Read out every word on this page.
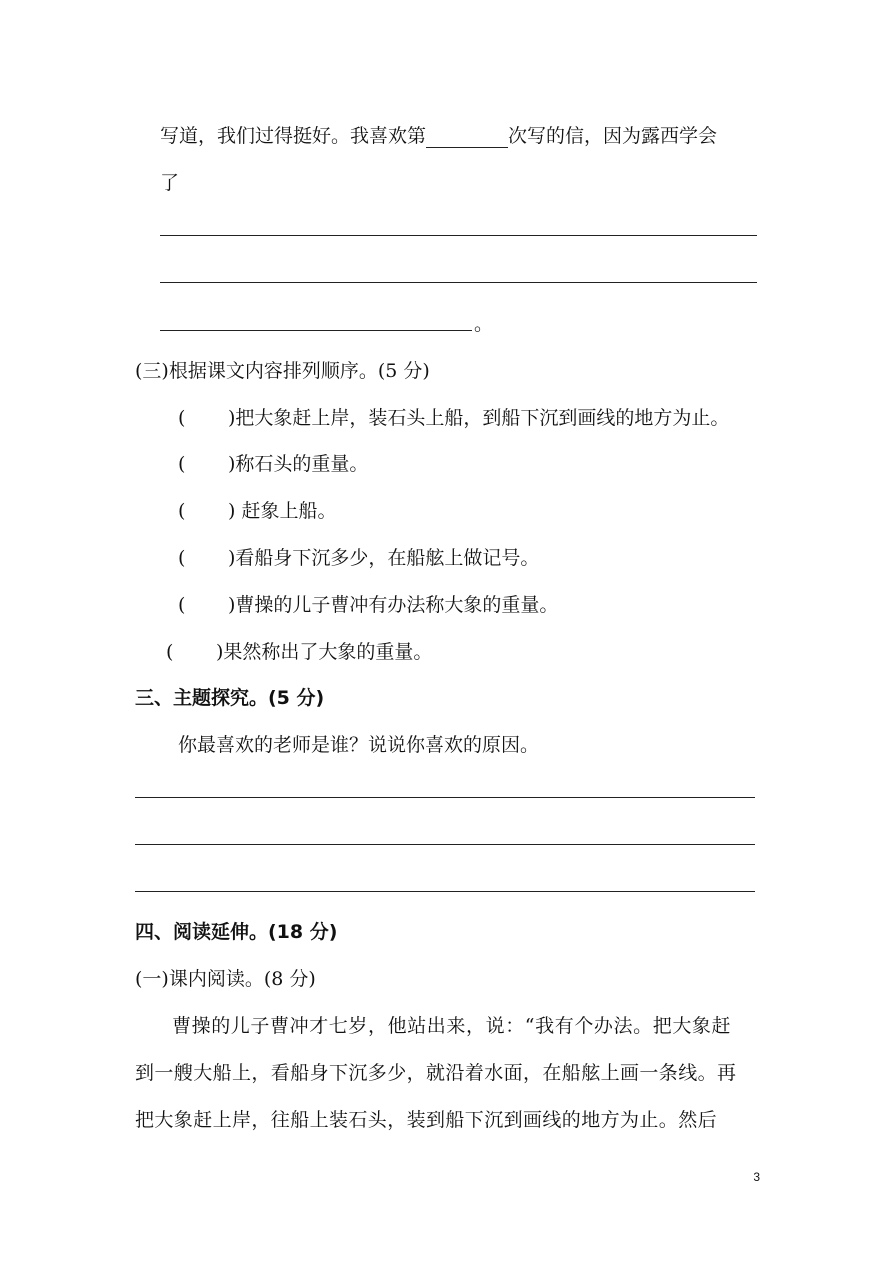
写道，我们过得挺好。我喜欢第	次写的信，因为露西学会
了
。
(三)根据课文内容排列顺序。(5 分)
( )把大象赶上岸，装石头上船，到船下沉到画线的地方为止。
( )称石头的重量。
( ) 赶象上船。
( )看船身下沉多少，在船舷上做记号。
( )曹操的儿子曹冲有办法称大象的重量。
( )果然称出了大象的重量。
三、主题探究。(5 分)
你最喜欢的老师是谁？说说你喜欢的原因。
四、阅读延伸。(18 分)
(一)课内阅读。(8 分)
曹操的儿子曹冲才七岁，他站出来，说：“我有个办法。把大象赶
到一艘大船上，看船身下沉多少，就沿着水面，在船舷上画一条线。再
把大象赶上岸，往船上装石头，装到船下沉到画线的地方为止。然后
3
